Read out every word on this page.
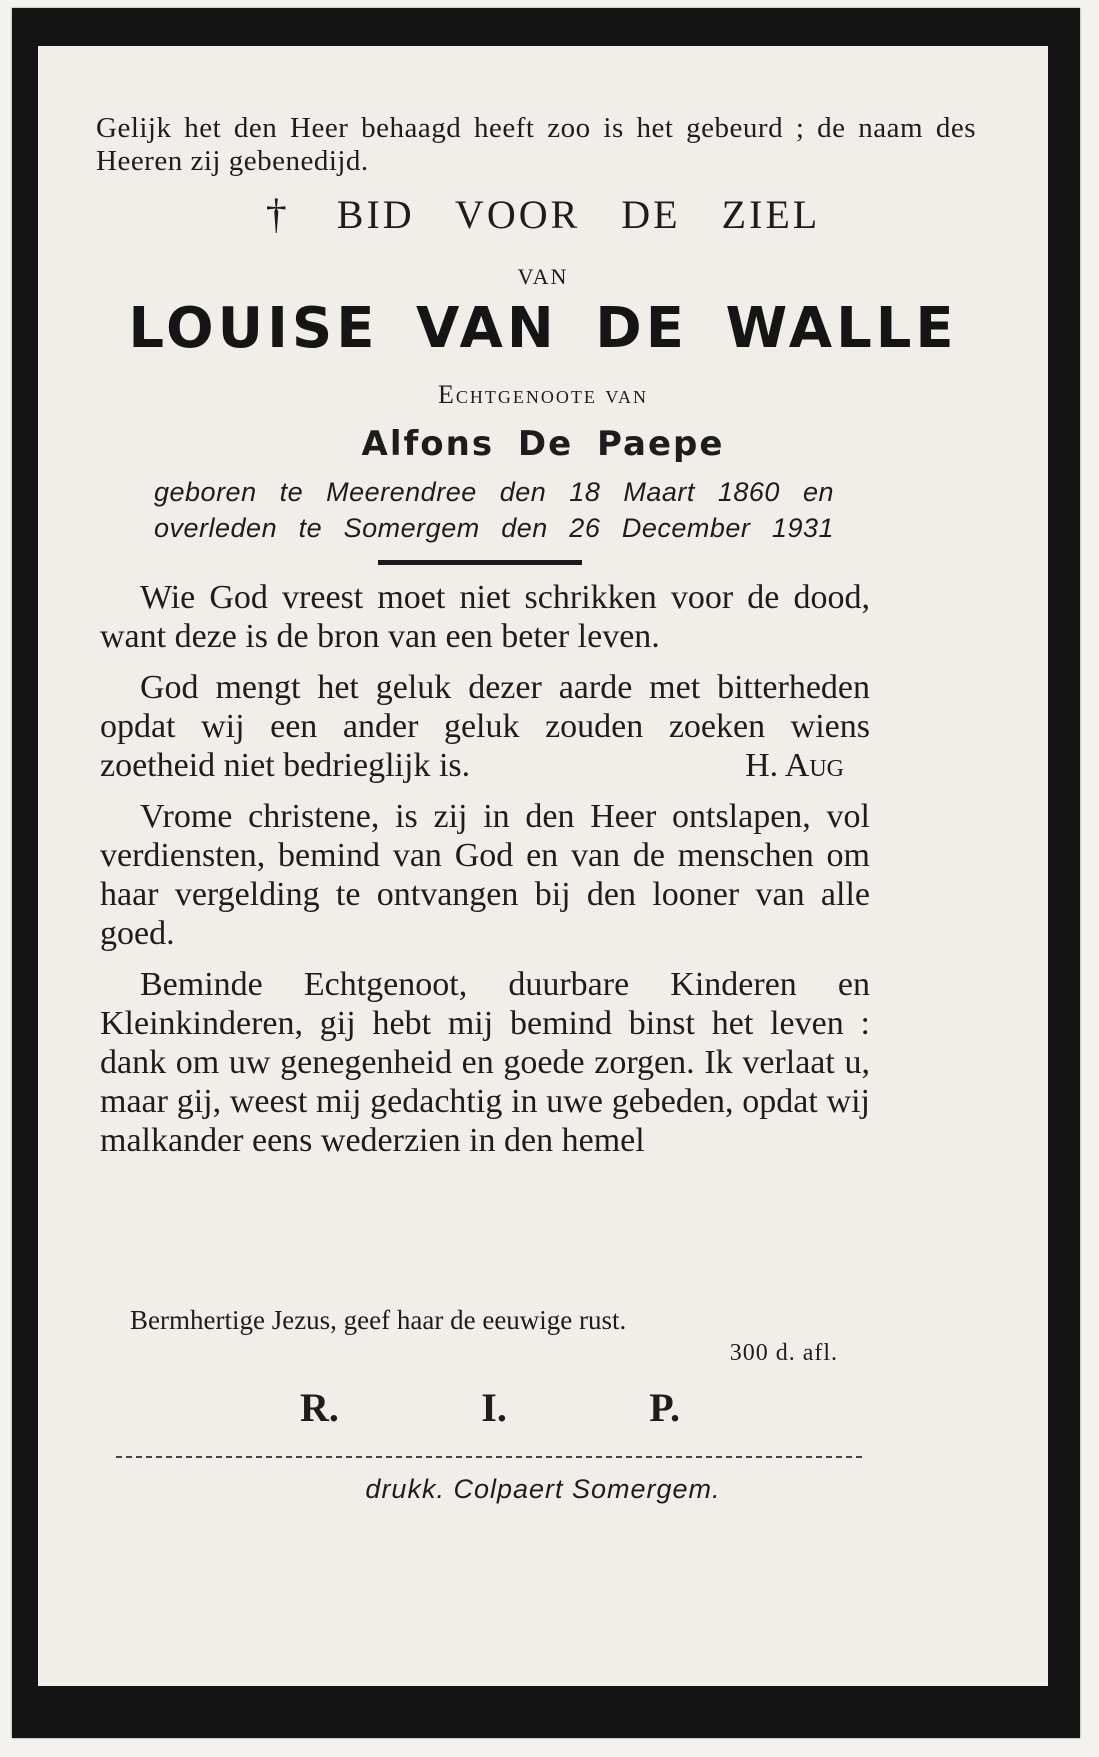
Gelijk het den Heer behaagd heeft zoo is het gebeurd ; de naam des Heeren zij gebenedijd.
† BID VOOR DE ZIEL
VAN
LOUISE VAN DE WALLE
Echtgenoote van
Alfons De Paepe
geboren te Meerendree den 18 Maart 1860 en
overleden te Somergem den 26 December 1931

Wie God vreest moet niet schrikken voor de dood, want deze is de bron van een beter leven.

God mengt het geluk dezer aarde met bitterheden opdat wij een ander geluk zouden zoeken wiens zoetheid niet bedrieglijk is.	H. Aug

Vrome christene, is zij in den Heer ontslapen, vol verdiensten, bemind van God en van de menschen om haar vergelding te ontvangen bij den looner van alle goed.

Beminde Echtgenoot, duurbare Kinderen en Kleinkinderen, gij hebt mij bemind binst het leven : dank om uw genegenheid en goede zorgen. Ik verlaat u, maar gij, weest mij gedachtig in uwe gebeden, opdat wij malkander eens wederzien in den hemel

Bermhertige Jezus, geef haar de eeuwige rust.
300 d. afl.
R.	I.	P.
drukk. Colpaert Somergem.
